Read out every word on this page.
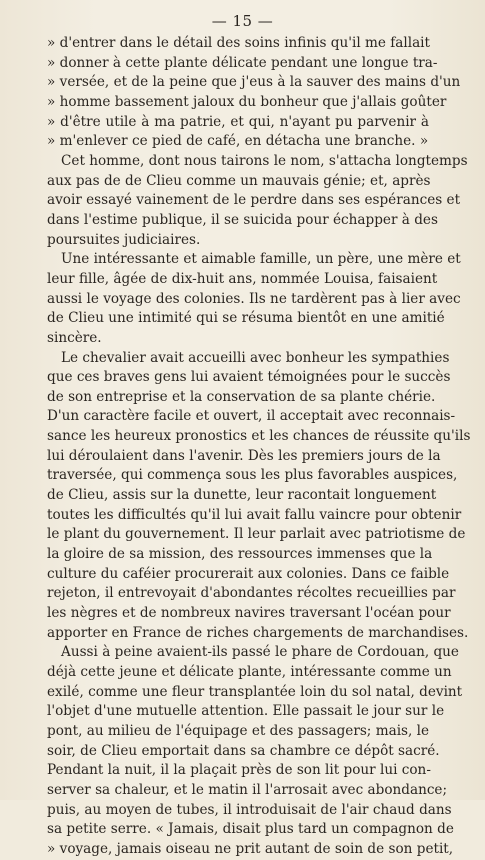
— 15 —
» d'entrer dans le détail des soins infinis qu'il me fallait
» donner à cette plante délicate pendant une longue tra-
» versée, et de la peine que j'eus à la sauver des mains d'un
» homme bassement jaloux du bonheur que j'allais goûter
» d'être utile à ma patrie, et qui, n'ayant pu parvenir à
» m'enlever ce pied de café, en détacha une branche. »
Cet homme, dont nous tairons le nom, s'attacha longtemps
aux pas de de Clieu comme un mauvais génie; et, après
avoir essayé vainement de le perdre dans ses espérances et
dans l'estime publique, il se suicida pour échapper à des
poursuites judiciaires.
Une intéressante et aimable famille, un père, une mère et
leur fille, âgée de dix-huit ans, nommée Louisa, faisaient
aussi le voyage des colonies. Ils ne tardèrent pas à lier avec
de Clieu une intimité qui se résuma bientôt en une amitié
sincère.
Le chevalier avait accueilli avec bonheur les sympathies
que ces braves gens lui avaient témoignées pour le succès
de son entreprise et la conservation de sa plante chérie.
D'un caractère facile et ouvert, il acceptait avec reconnais-
sance les heureux pronostics et les chances de réussite qu'ils
lui déroulaient dans l'avenir. Dès les premiers jours de la
traversée, qui commença sous les plus favorables auspices,
de Clieu, assis sur la dunette, leur racontait longuement
toutes les difficultés qu'il lui avait fallu vaincre pour obtenir
le plant du gouvernement. Il leur parlait avec patriotisme de
la gloire de sa mission, des ressources immenses que la
culture du caféier procurerait aux colonies. Dans ce faible
rejeton, il entrevoyait d'abondantes récoltes recueillies par
les nègres et de nombreux navires traversant l'océan pour
apporter en France de riches chargements de marchandises.
Aussi à peine avaient-ils passé le phare de Cordouan, que
déjà cette jeune et délicate plante, intéressante comme un
exilé, comme une fleur transplantée loin du sol natal, devint
l'objet d'une mutuelle attention. Elle passait le jour sur le
pont, au milieu de l'équipage et des passagers; mais, le
soir, de Clieu emportait dans sa chambre ce dépôt sacré.
Pendant la nuit, il la plaçait près de son lit pour lui con-
server sa chaleur, et le matin il l'arrosait avec abondance;
puis, au moyen de tubes, il introduisait de l'air chaud dans
sa petite serre. « Jamais, disait plus tard un compagnon de
» voyage, jamais oiseau ne prit autant de soin de son petit,
